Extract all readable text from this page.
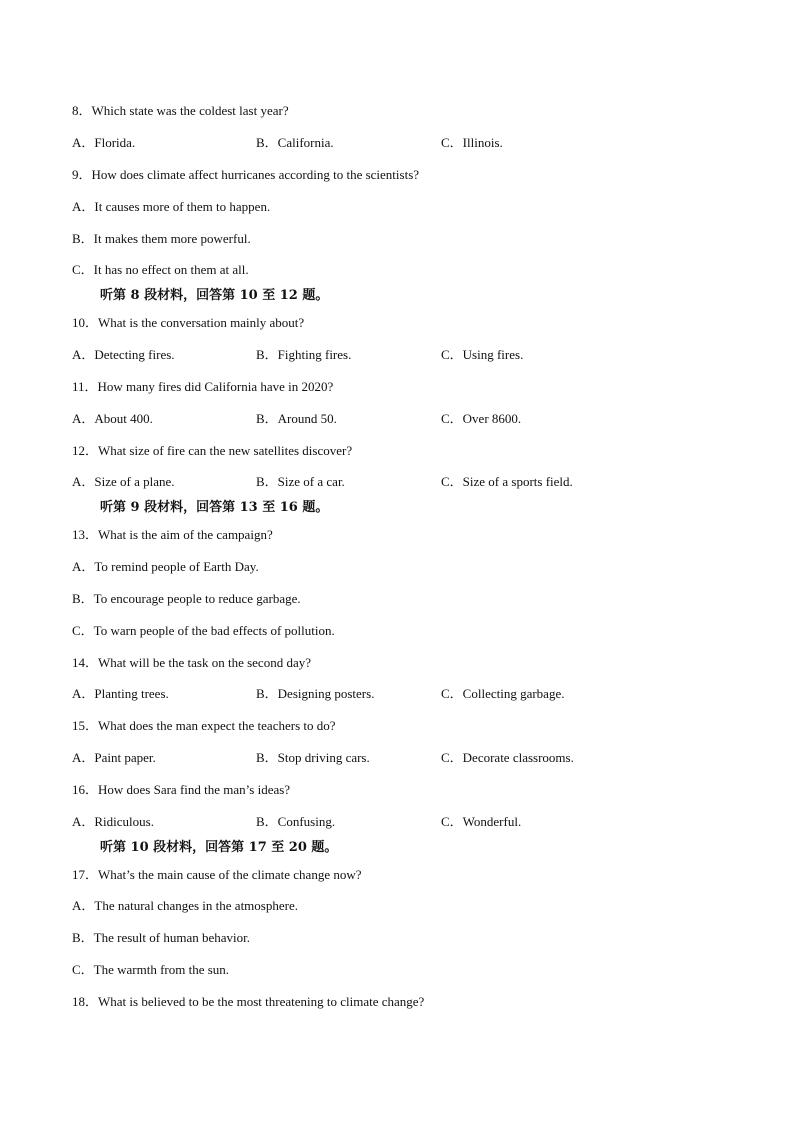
8．Which state was the coldest last year?
A．Florida.	B．California.	C．Illinois.
9．How does climate affect hurricanes according to the scientists?
A．It causes more of them to happen.
B．It makes them more powerful.
C．It has no effect on them at all.
听第 8 段材料，回答第 10 至 12 题。
10．What is the conversation mainly about?
A．Detecting fires.	B．Fighting fires.	C．Using fires.
11．How many fires did California have in 2020?
A．About 400.	B．Around 50.	C．Over 8600.
12．What size of fire can the new satellites discover?
A．Size of a plane.	B．Size of a car.	C．Size of a sports field.
听第 9 段材料，回答第 13 至 16 题。
13．What is the aim of the campaign?
A．To remind people of Earth Day.
B．To encourage people to reduce garbage.
C．To warn people of the bad effects of pollution.
14．What will be the task on the second day?
A．Planting trees.	B．Designing posters.	C．Collecting garbage.
15．What does the man expect the teachers to do?
A．Paint paper.	B．Stop driving cars.	C．Decorate classrooms.
16．How does Sara find the man’s ideas?
A．Ridiculous.	B．Confusing.	C．Wonderful.
听第 10 段材料，回答第 17 至 20 题。
17．What’s the main cause of the climate change now?
A．The natural changes in the atmosphere.
B．The result of human behavior.
C．The warmth from the sun.
18．What is believed to be the most threatening to climate change?
